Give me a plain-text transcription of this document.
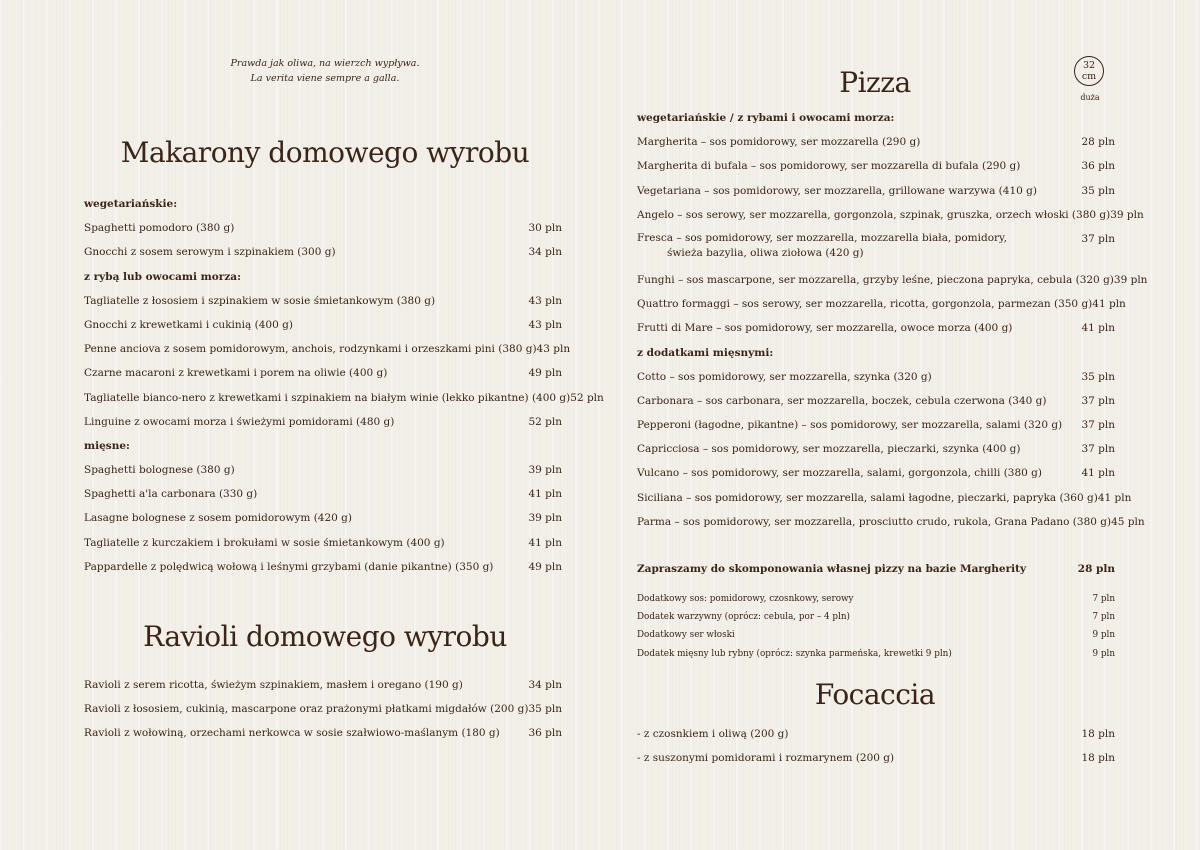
Prawda jak oliwa, na wierzch wypływa.
La verita viene sempre a galla.
Makarony domowego wyrobu
wegetariańskie:
Spaghetti pomodoro (380 g)	30 pln
Gnocchi z sosem serowym i szpinakiem (300 g)	34 pln
z rybą lub owocami morza:
Tagliatelle z łososiem i szpinakiem w sosie śmietankowym (380 g)	43 pln
Gnocchi z krewetkami i cukinią (400 g)	43 pln
Penne anciova z sosem pomidorowym, anchois, rodzynkami i orzeszkami pini (380 g) 43 pln
Czarne macaroni z krewetkami i porem na oliwie (400 g)	49 pln
Tagliatelle bianco-nero z krewetkami i szpinakiem na białym winie (lekko pikantne) (400 g) 52 pln
Linguine z owocami morza i świeżymi pomidorami (480 g)	52 pln
mięsne:
Spaghetti bolognese (380 g)	39 pln
Spaghetti a'la carbonara (330 g)	41 pln
Lasagne bolognese z sosem pomidorowym (420 g)	39 pln
Tagliatelle z kurczakiem i brokułami w sosie śmietankowym (400 g)	41 pln
Pappardelle z polędwicą wołową i leśnymi grzybami (danie pikantne) (350 g)	49 pln
Ravioli domowego wyrobu
Ravioli z serem ricotta, świeżym szpinakiem, masłem i oregano (190 g)	34 pln
Ravioli z łososiem, cukinią, mascarpone oraz prażonymi płatkami migdałów (200 g) 35 pln
Ravioli z wołowiną, orzechami nerkowca w sosie szałwiowo-maślanym (180 g)	36 pln
Pizza
32
cm
duża
wegetariańskie / z rybami i owocami morza:
Margherita – sos pomidorowy, ser mozzarella (290 g)	28 pln
Margherita di bufala – sos pomidorowy, ser mozzarella di bufala (290 g)	36 pln
Vegetariana – sos pomidorowy, ser mozzarella, grillowane warzywa (410 g)	35 pln
Angelo – sos serowy, ser mozzarella, gorgonzola, szpinak, gruszka, orzech włoski (380 g) 39 pln
Fresca – sos pomidorowy, ser mozzarella, mozzarella biała, pomidory,
świeża bazylia, oliwa ziołowa (420 g)
37 pln
Funghi – sos mascarpone, ser mozzarella, grzyby leśne, pieczona papryka, cebula (320 g) 39 pln
Quattro formaggi – sos serowy, ser mozzarella, ricotta, gorgonzola, parmezan (350 g) 41 pln
Frutti di Mare – sos pomidorowy, ser mozzarella, owoce morza (400 g)	41 pln
z dodatkami mięsnymi:
Cotto – sos pomidorowy, ser mozzarella, szynka (320 g)	35 pln
Carbonara – sos carbonara, ser mozzarella, boczek, cebula czerwona (340 g)	37 pln
Pepperoni (łagodne, pikantne) – sos pomidorowy, ser mozzarella, salami (320 g)	37 pln
Capricciosa – sos pomidorowy, ser mozzarella, pieczarki, szynka (400 g)	37 pln
Vulcano – sos pomidorowy, ser mozzarella, salami, gorgonzola, chilli (380 g)	41 pln
Siciliana – sos pomidorowy, ser mozzarella, salami łagodne, pieczarki, papryka (360 g) 41 pln
Parma – sos pomidorowy, ser mozzarella, prosciutto crudo, rukola, Grana Padano (380 g) 45 pln
Zapraszamy do skomponowania własnej pizzy na bazie Margherity	28 pln
Dodatkowy sos: pomidorowy, czosnkowy, serowy	7 pln
Dodatek warzywny (oprócz: cebula, por – 4 pln)	7 pln
Dodatkowy ser włoski	9 pln
Dodatek mięsny lub rybny (oprócz: szynka parmeńska, krewetki 9 pln)	9 pln
Focaccia
- z czosnkiem i oliwą (200 g)	18 pln
- z suszonymi pomidorami i rozmarynem (200 g)	18 pln
